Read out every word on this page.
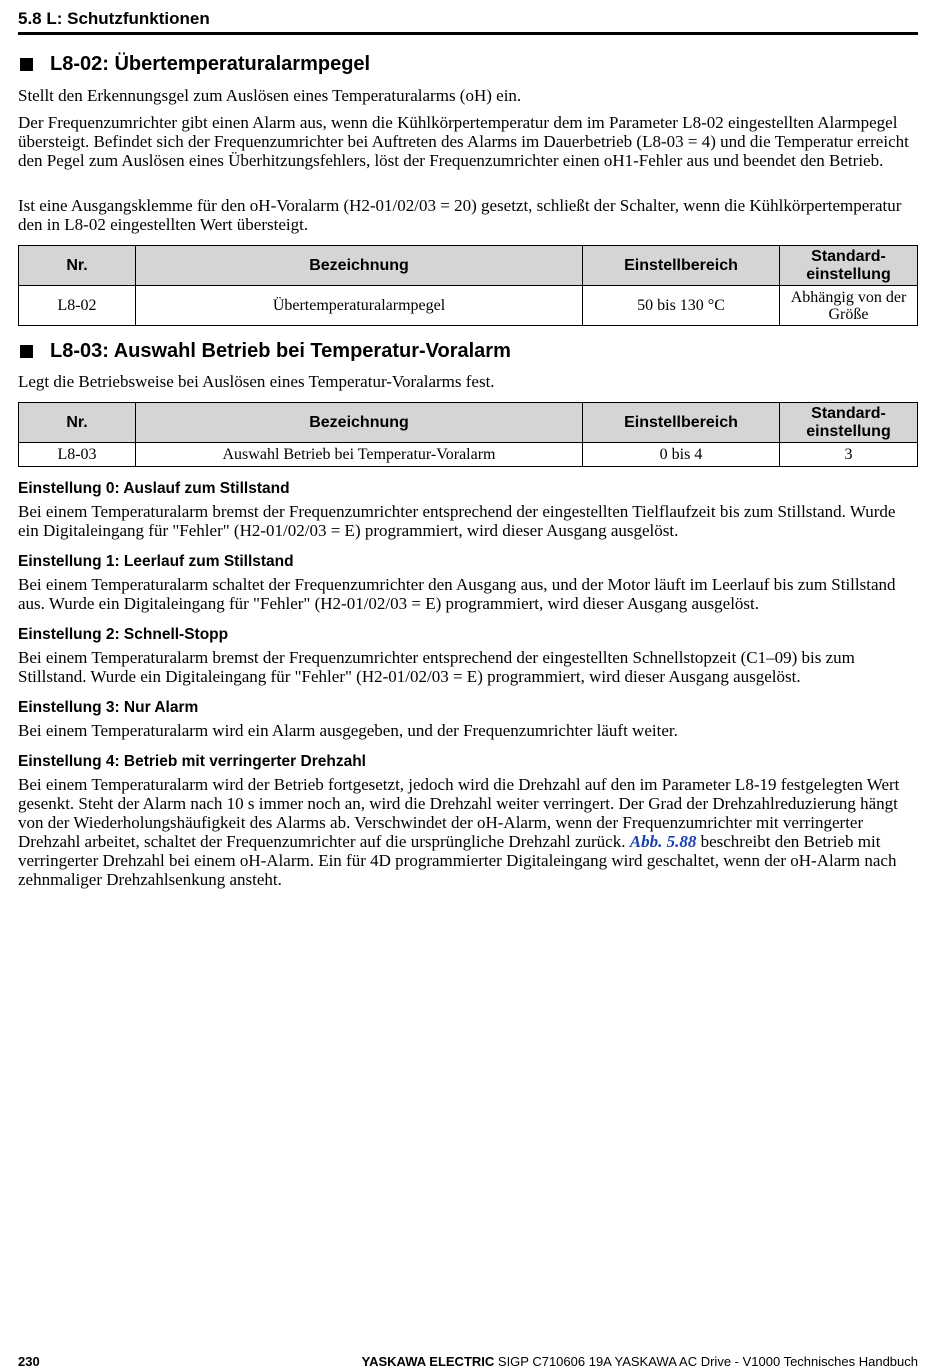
5.8 L: Schutzfunktionen
L8-02: Übertemperaturalarmpegel

Stellt den Erkennungsgel zum Auslösen eines Temperaturalarms (oH) ein.

Der Frequenzumrichter gibt einen Alarm aus, wenn die Kühlkörpertemperatur dem im Parameter L8-02 eingestellten Alarmpegel übersteigt. Befindet sich der Frequenzumrichter bei Auftreten des Alarms im Dauerbetrieb (L8-03 = 4) und die Temperatur erreicht den Pegel zum Auslösen eines Überhitzungsfehlers, löst der Frequenzumrichter einen oH1-Fehler aus und beendet den Betrieb.

Ist eine Ausgangsklemme für den oH-Voralarm (H2-01/02/03 = 20) gesetzt, schließt der Schalter, wenn die Kühlkörpertemperatur den in L8-02 eingestellten Wert übersteigt.

Nr.	Bezeichnung	Einstellbereich	Standard-
einstellung
L8-02	Übertemperaturalarmpegel	50 bis 130 °C	Abhängig von der
Größe
L8-03: Auswahl Betrieb bei Temperatur-Voralarm

Legt die Betriebsweise bei Auslösen eines Temperatur-Voralarms fest.

Nr.	Bezeichnung	Einstellbereich	Standard-
einstellung
L8-03	Auswahl Betrieb bei Temperatur-Voralarm	0 bis 4	3

Einstellung 0: Auslauf zum Stillstand

Bei einem Temperaturalarm bremst der Frequenzumrichter entsprechend der eingestellten Tielflaufzeit bis zum Stillstand. Wurde ein Digitaleingang für "Fehler" (H2-01/02/03 = E) programmiert, wird dieser Ausgang ausgelöst.

Einstellung 1: Leerlauf zum Stillstand

Bei einem Temperaturalarm schaltet der Frequenzumrichter den Ausgang aus, und der Motor läuft im Leerlauf bis zum Stillstand aus. Wurde ein Digitaleingang für "Fehler" (H2-01/02/03 = E) programmiert, wird dieser Ausgang ausgelöst.

Einstellung 2: Schnell-Stopp

Bei einem Temperaturalarm bremst der Frequenzumrichter entsprechend der eingestellten Schnellstopzeit (C1–09) bis zum Stillstand. Wurde ein Digitaleingang für "Fehler" (H2-01/02/03 = E) programmiert, wird dieser Ausgang ausgelöst.

Einstellung 3: Nur Alarm

Bei einem Temperaturalarm wird ein Alarm ausgegeben, und der Frequenzumrichter läuft weiter.

Einstellung 4: Betrieb mit verringerter Drehzahl

Bei einem Temperaturalarm wird der Betrieb fortgesetzt, jedoch wird die Drehzahl auf den im Parameter L8-19 festgelegten Wert gesenkt. Steht der Alarm nach 10 s immer noch an, wird die Drehzahl weiter verringert. Der Grad der Drehzahlreduzierung hängt von der Wiederholungshäufigkeit des Alarms ab. Verschwindet der oH-Alarm, wenn der Frequenzumrichter mit verringerter Drehzahl arbeitet, schaltet der Frequenzumrichter auf die ursprüngliche Drehzahl zurück. Abb. 5.88 beschreibt den Betrieb mit verringerter Drehzahl bei einem oH-Alarm. Ein für 4D programmierter Digitaleingang wird geschaltet, wenn der oH-Alarm nach zehnmaliger Drehzahlsenkung ansteht.

230	YASKAWA ELECTRIC SIGP C710606 19A YASKAWA AC Drive - V1000 Technisches Handbuch
